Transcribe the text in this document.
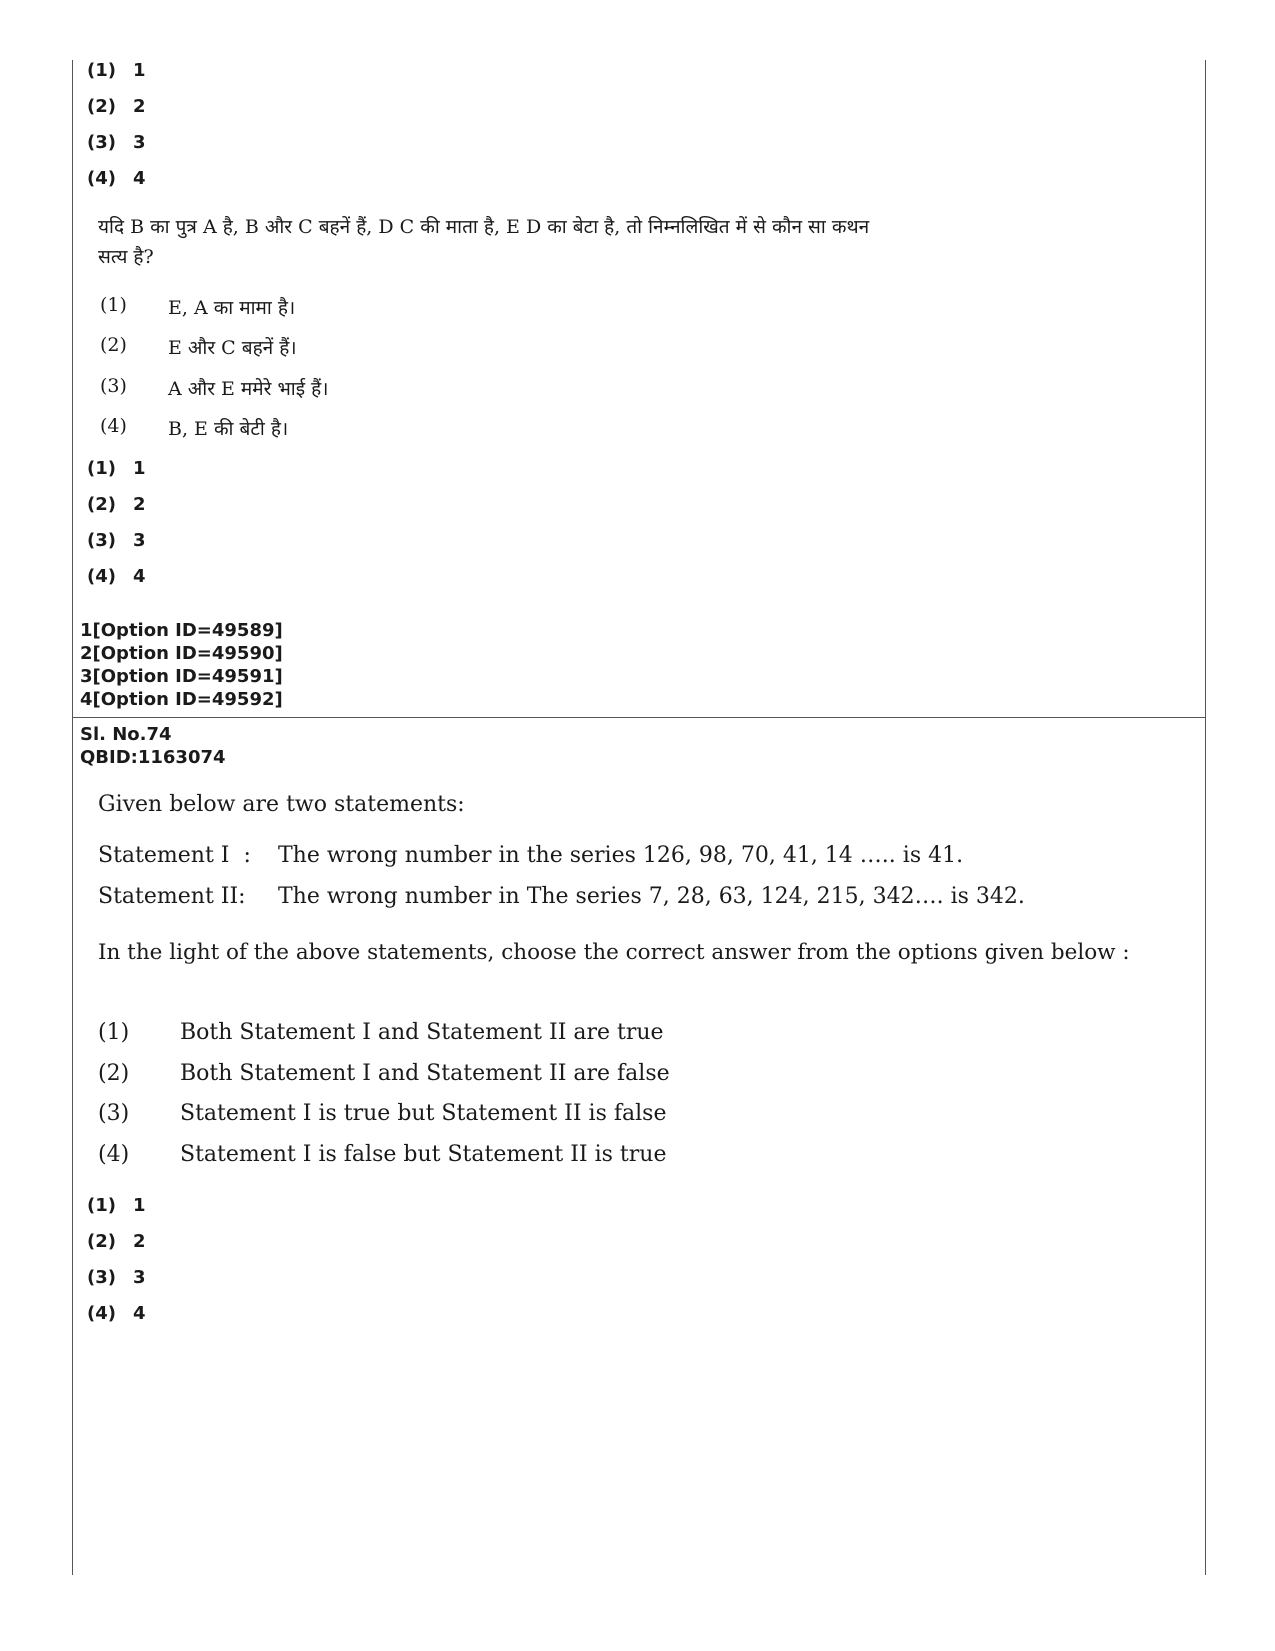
(1) 1
(2) 2
(3) 3
(4) 4
यदि B का पुत्र A है, B और C बहनें हैं, D C की माता है, E D का बेटा है, तो निम्नलिखित में से कौन सा कथन
सत्य है?
(1) E, A का मामा है।
(2) E और C बहनें हैं।
(3) A और E ममेरे भाई हैं।
(4) B, E की बेटी है।
(1) 1
(2) 2
(3) 3
(4) 4
1[Option ID=49589]
2[Option ID=49590]
3[Option ID=49591]
4[Option ID=49592]
Sl. No.74
QBID:1163074
Given below are two statements:
Statement I  : The wrong number in the series 126, 98, 70, 41, 14 ….. is 41.
Statement II: The wrong number in The series 7, 28, 63, 124, 215, 342…. is 342.
In the light of the above statements, choose the correct answer from the options given below :
(1) Both Statement I and Statement II are true
(2) Both Statement I and Statement II are false
(3) Statement I is true but Statement II is false
(4) Statement I is false but Statement II is true
(1) 1
(2) 2
(3) 3
(4) 4
